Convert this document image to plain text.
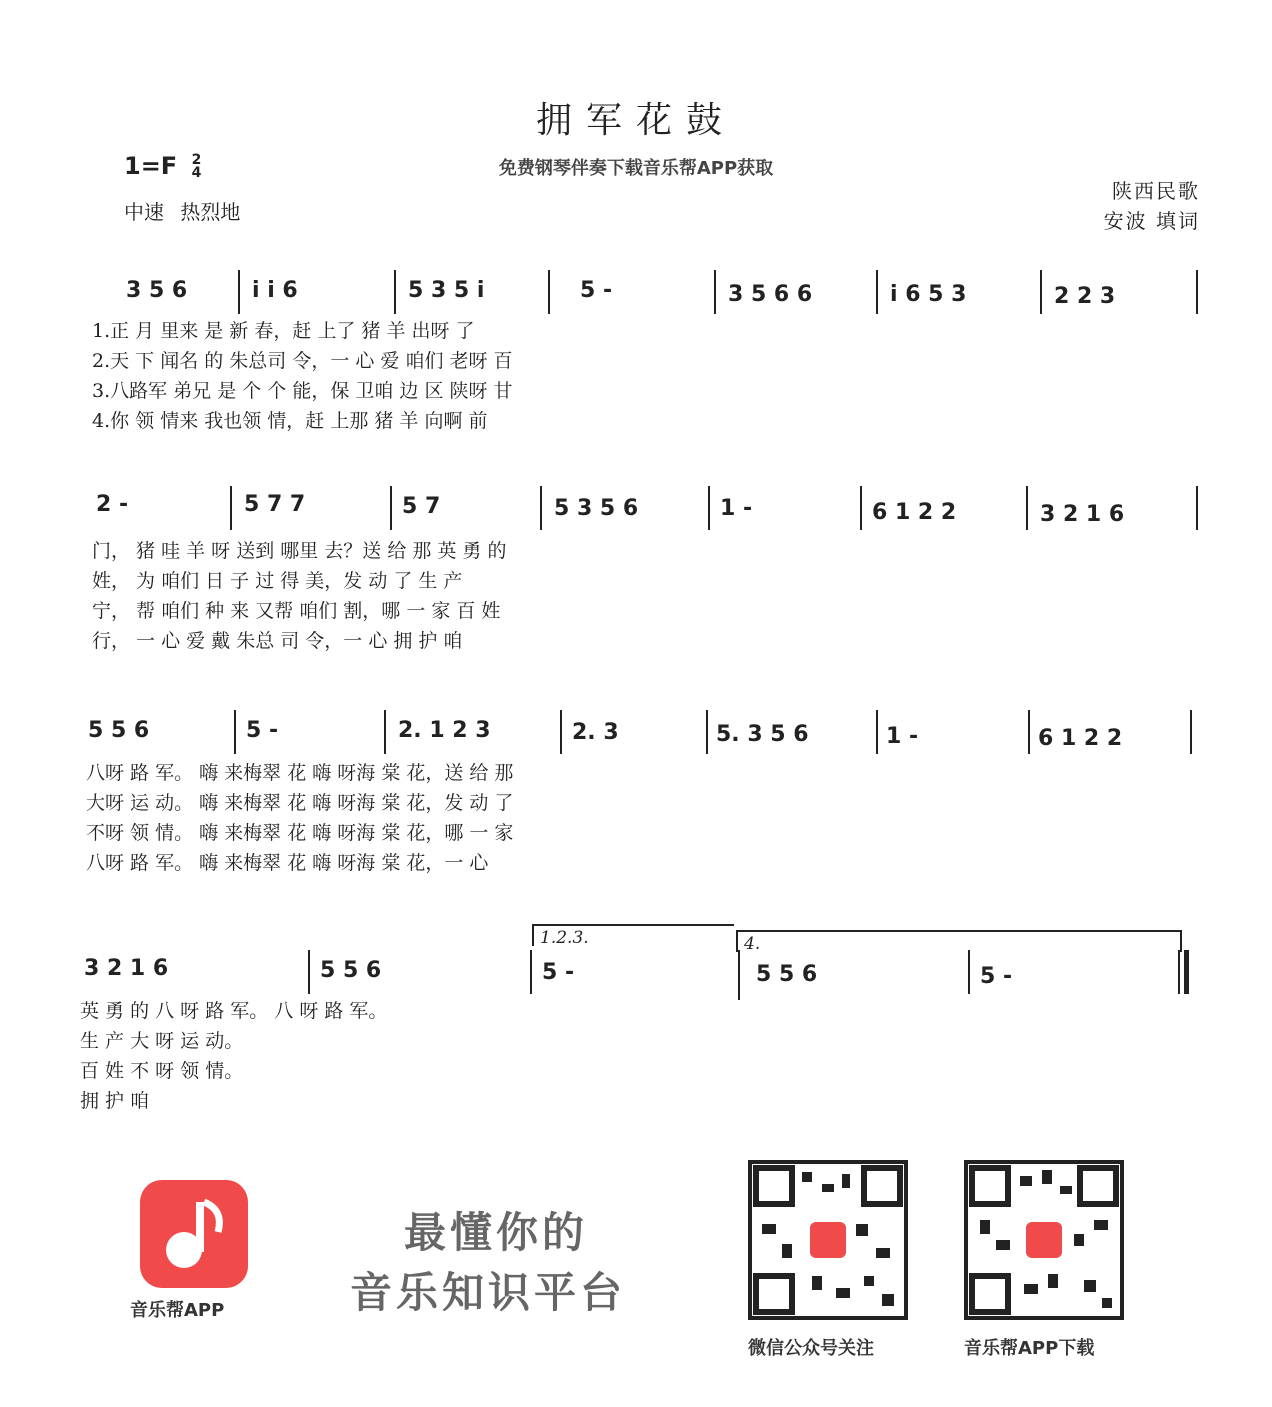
拥军花鼓
免费钢琴伴奏下载音乐帮APP获取
1=F 2
4
中速 热烈地
陕西民歌
安波 填词
3 5 6	i i 6	5 3 5 i	5 -	3 5 6 6	i 6 5 3	2 2 3
1.正 月 里来 是 新 春，赶 上了 猪 羊 出呀 了
2.天 下 闻名 的 朱总司 令，一 心 爱 咱们 老呀 百
3.八路军 弟兄 是 个 个 能，保 卫咱 边 区 陕呀 甘
4.你 领 情来 我也领 情，赶 上那 猪 羊 向啊 前
2 -	5 7 7	5 7	5 3 5 6	1 -	6 1 2 2	3 2 1 6
门， 猪 哇 羊 呀 送到 哪里 去？送 给 那 英 勇 的
姓， 为 咱们 日 子 过 得 美，发 动 了 生 产
宁， 帮 咱们 种 来 又帮 咱们 割，哪 一 家 百 姓
行， 一 心 爱 戴 朱总 司 令，一 心 拥 护 咱
5 5 6	5 -	2. 1 2 3	2. 3	5. 3 5 6	1 -	6 1 2 2
八呀 路 军。 嗨 来梅翠 花 嗨 呀海 棠 花，送 给 那
大呀 运 动。 嗨 来梅翠 花 嗨 呀海 棠 花，发 动 了
不呀 领 情。 嗨 来梅翠 花 嗨 呀海 棠 花，哪 一 家
八呀 路 军。 嗨 来梅翠 花 嗨 呀海 棠 花，一 心
1.2.3.	4.
3 2 1 6	5 5 6	5 -	5 5 6	5 -
英 勇 的 八 呀 路 军。 八 呀 路 军。
生 产 大 呀 运 动。
百 姓 不 呀 领 情。
拥 护 咱
音乐帮APP
最懂你的
音乐知识平台
微信公众号关注	音乐帮APP下载
